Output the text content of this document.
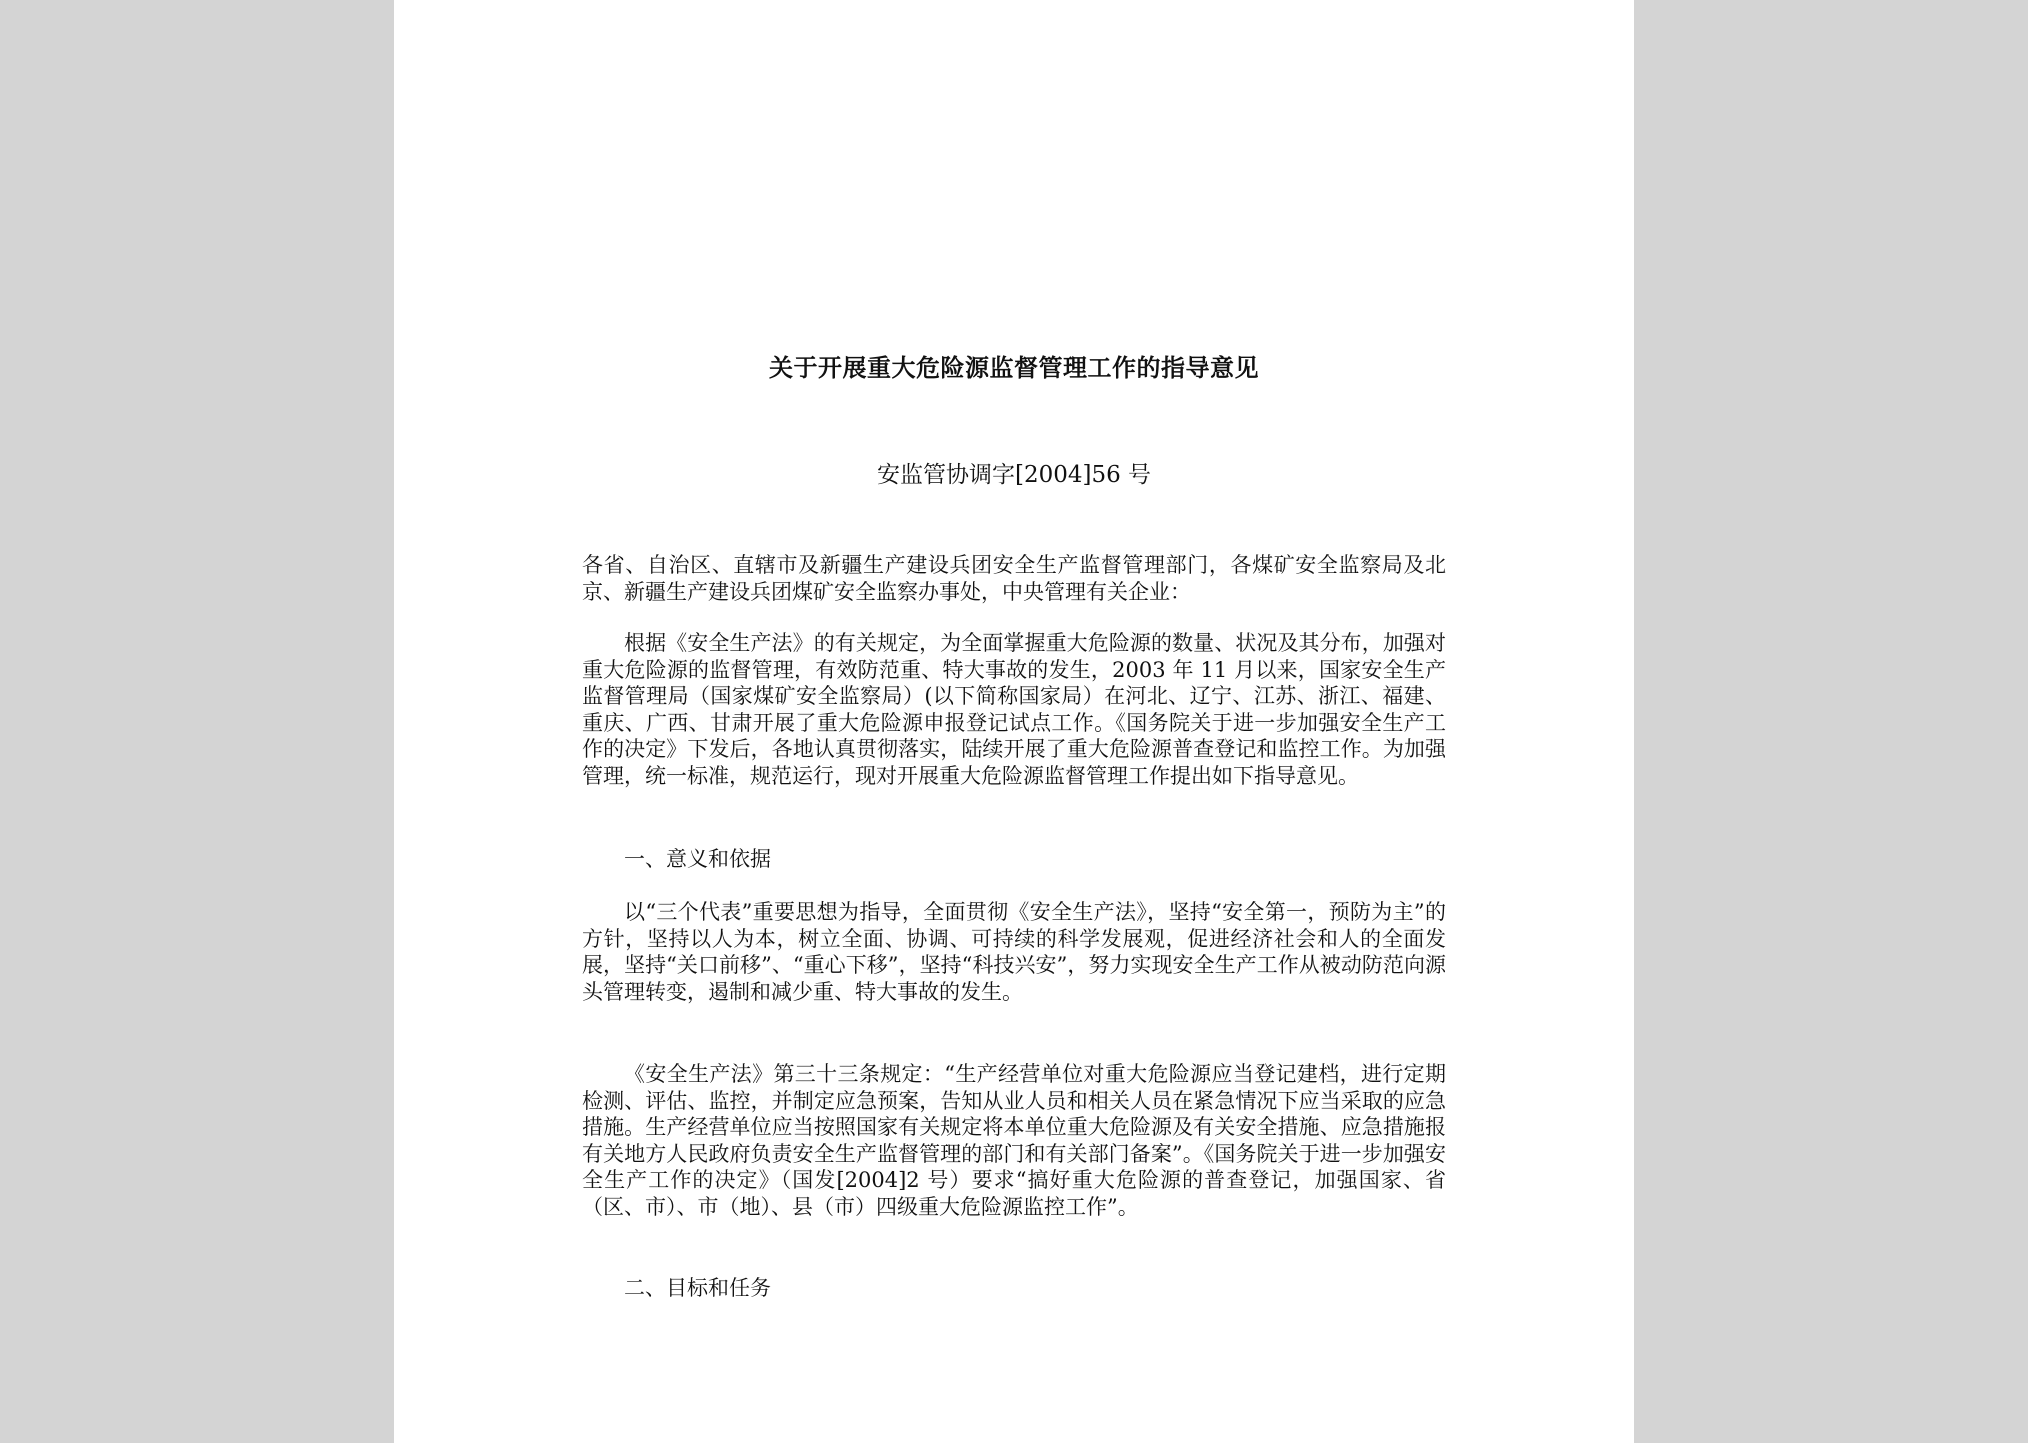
关于开展重大危险源监督管理工作的指导意见

安监管协调字[2004]56 号

各省、自治区、直辖市及新疆生产建设兵团安全生产监督管理部门，各煤矿安全监察局及北京、新疆生产建设兵团煤矿安全监察办事处，中央管理有关企业：

根据《安全生产法》的有关规定，为全面掌握重大危险源的数量、状况及其分布，加强对重大危险源的监督管理，有效防范重、特大事故的发生，2003 年 11 月以来，国家安全生产监督管理局（国家煤矿安全监察局）(以下简称国家局）在河北、辽宁、江苏、浙江、福建、重庆、广西、甘肃开展了重大危险源申报登记试点工作。《国务院关于进一步加强安全生产工作的决定》下发后，各地认真贯彻落实，陆续开展了重大危险源普查登记和监控工作。为加强管理，统一标准，规范运行，现对开展重大危险源监督管理工作提出如下指导意见。

一、意义和依据

以“三个代表”重要思想为指导，全面贯彻《安全生产法》，坚持“安全第一，预防为主”的方针，坚持以人为本，树立全面、协调、可持续的科学发展观，促进经济社会和人的全面发展，坚持“关口前移”、“重心下移”，坚持“科技兴安”，努力实现安全生产工作从被动防范向源头管理转变，遏制和减少重、特大事故的发生。

《安全生产法》第三十三条规定：“生产经营单位对重大危险源应当登记建档，进行定期检测、评估、监控，并制定应急预案，告知从业人员和相关人员在紧急情况下应当采取的应急措施。生产经营单位应当按照国家有关规定将本单位重大危险源及有关安全措施、应急措施报有关地方人民政府负责安全生产监督管理的部门和有关部门备案”。《国务院关于进一步加强安全生产工作的决定》（国发[2004]2 号）要求“搞好重大危险源的普查登记，加强国家、省（区、市）、市（地）、县（市）四级重大危险源监控工作”。

二、目标和任务
